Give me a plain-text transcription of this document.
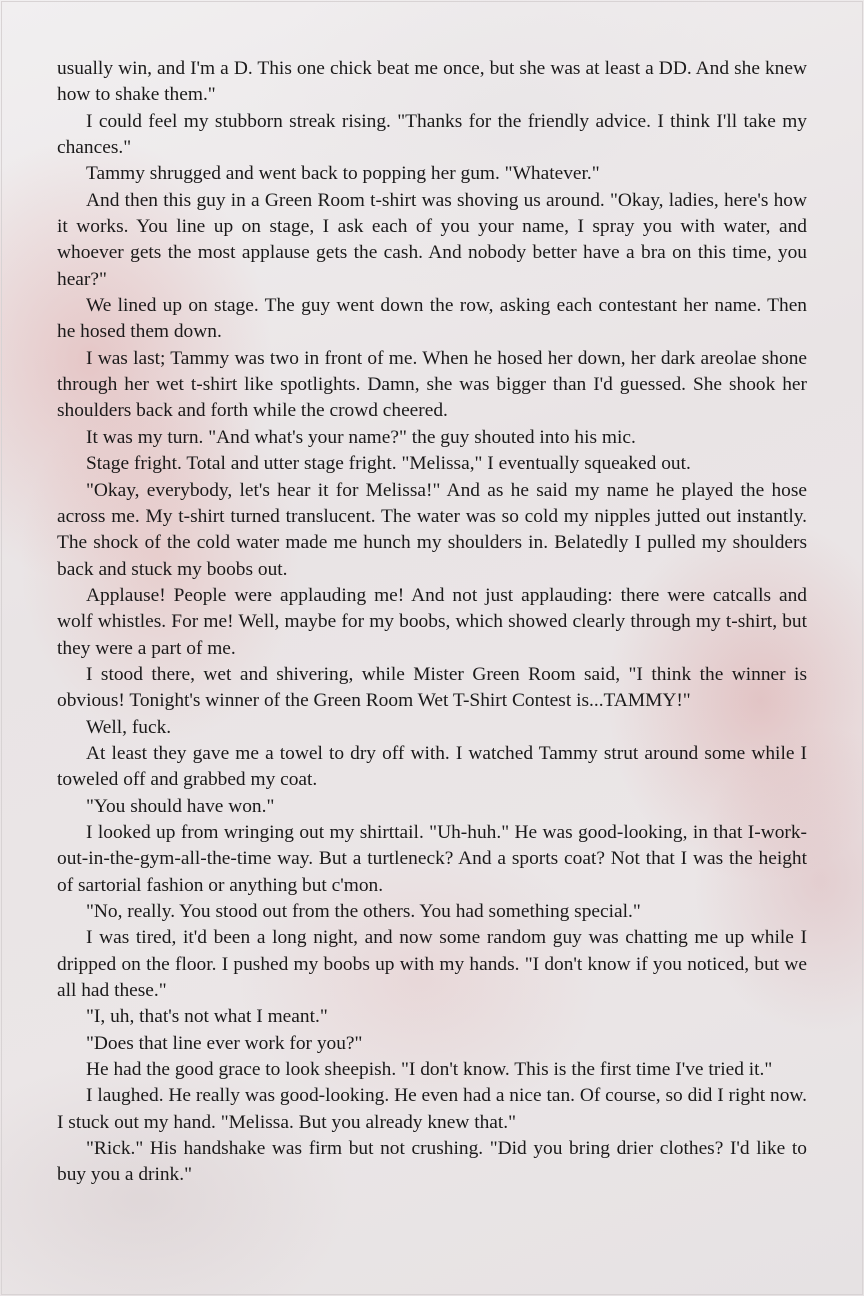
usually win, and I'm a D. This one chick beat me once, but she was at least a DD. And she knew how to shake them."

I could feel my stubborn streak rising. "Thanks for the friendly advice. I think I'll take my chances."

Tammy shrugged and went back to popping her gum. "Whatever."

And then this guy in a Green Room t-shirt was shoving us around. "Okay, ladies, here's how it works. You line up on stage, I ask each of you your name, I spray you with water, and whoever gets the most applause gets the cash. And nobody better have a bra on this time, you hear?"

We lined up on stage. The guy went down the row, asking each contestant her name. Then he hosed them down.

I was last; Tammy was two in front of me. When he hosed her down, her dark areolae shone through her wet t-shirt like spotlights. Damn, she was bigger than I'd guessed. She shook her shoulders back and forth while the crowd cheered.

It was my turn. "And what's your name?" the guy shouted into his mic.

Stage fright. Total and utter stage fright. "Melissa," I eventually squeaked out.

"Okay, everybody, let's hear it for Melissa!" And as he said my name he played the hose across me. My t-shirt turned translucent. The water was so cold my nipples jutted out instantly. The shock of the cold water made me hunch my shoulders in. Belatedly I pulled my shoulders back and stuck my boobs out.

Applause! People were applauding me! And not just applauding: there were catcalls and wolf whistles. For me! Well, maybe for my boobs, which showed clearly through my t-shirt, but they were a part of me.

I stood there, wet and shivering, while Mister Green Room said, "I think the winner is obvious! Tonight's winner of the Green Room Wet T-Shirt Contest is...TAMMY!"

Well, fuck.

At least they gave me a towel to dry off with. I watched Tammy strut around some while I toweled off and grabbed my coat.

"You should have won."

I looked up from wringing out my shirttail. "Uh-huh." He was good-looking, in that I-work-out-in-the-gym-all-the-time way. But a turtleneck? And a sports coat? Not that I was the height of sartorial fashion or anything but c'mon.

"No, really. You stood out from the others. You had something special."

I was tired, it'd been a long night, and now some random guy was chatting me up while I dripped on the floor. I pushed my boobs up with my hands. "I don't know if you noticed, but we all had these."

"I, uh, that's not what I meant."

"Does that line ever work for you?"

He had the good grace to look sheepish. "I don't know. This is the first time I've tried it."

I laughed. He really was good-looking. He even had a nice tan. Of course, so did I right now. I stuck out my hand. "Melissa. But you already knew that."

"Rick." His handshake was firm but not crushing. "Did you bring drier clothes? I'd like to buy you a drink."
